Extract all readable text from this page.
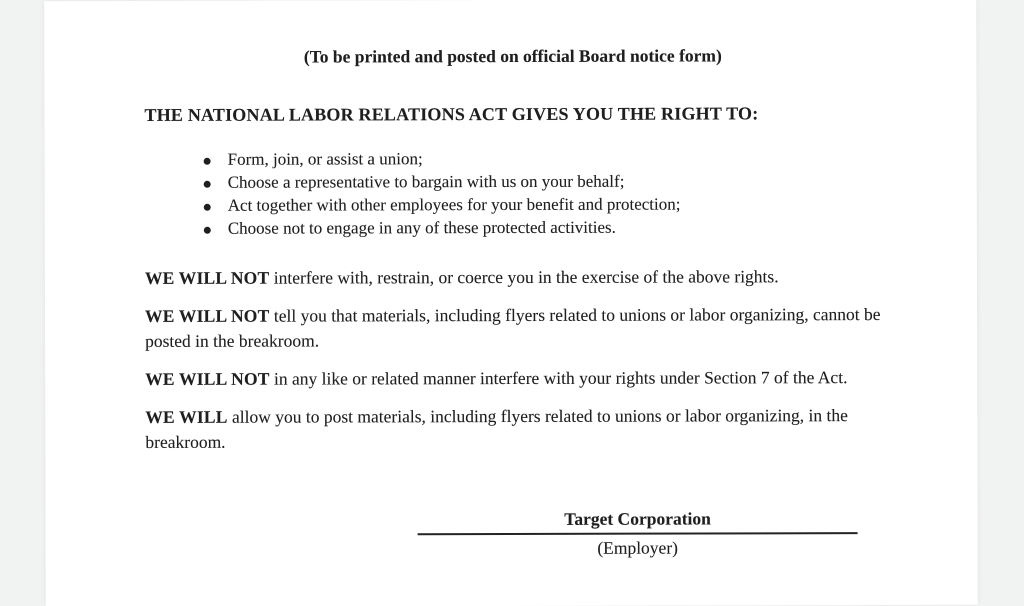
(To be printed and posted on official Board notice form)
THE NATIONAL LABOR RELATIONS ACT GIVES YOU THE RIGHT TO:
Form, join, or assist a union;
Choose a representative to bargain with us on your behalf;
Act together with other employees for your benefit and protection;
Choose not to engage in any of these protected activities.

WE WILL NOT interfere with, restrain, or coerce you in the exercise of the above rights.

WE WILL NOT tell you that materials, including flyers related to unions or labor organizing, cannot be posted in the breakroom.

WE WILL NOT in any like or related manner interfere with your rights under Section 7 of the Act.

WE WILL allow you to post materials, including flyers related to unions or labor organizing, in the breakroom.

Target Corporation
(Employer)
